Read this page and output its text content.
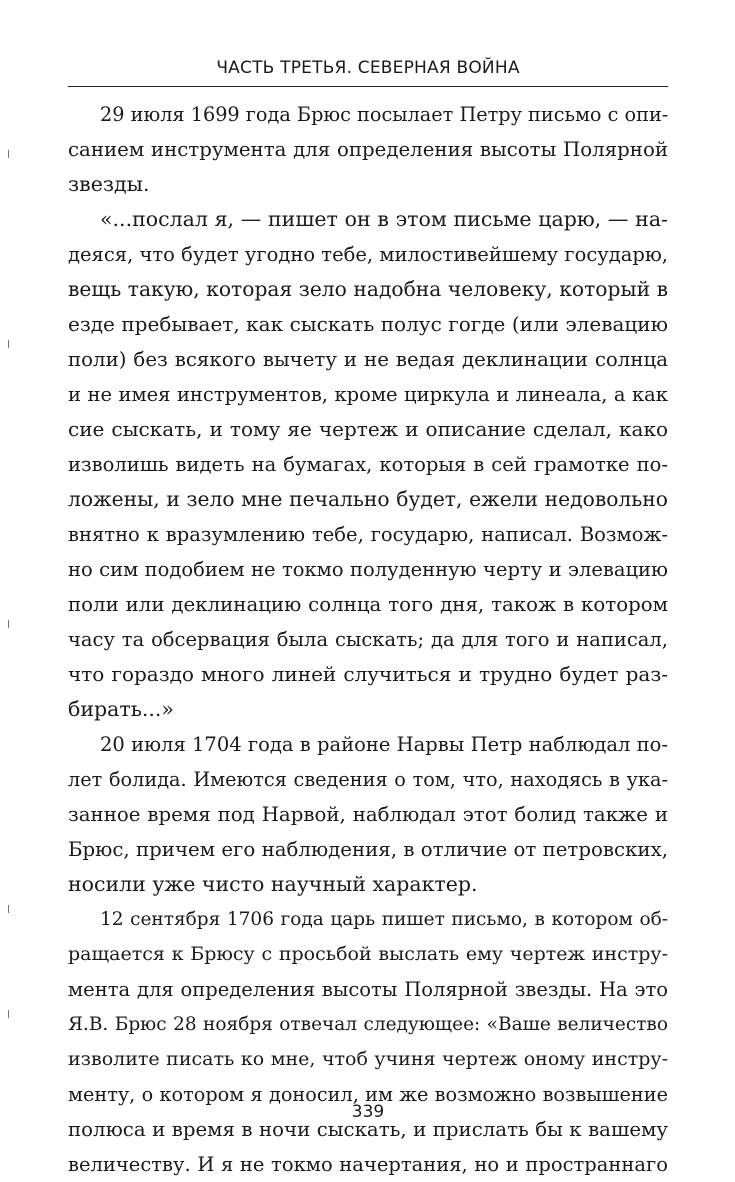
ЧАСТЬ ТРЕТЬЯ. СЕВЕРНАЯ ВОЙНА
29 июля 1699 года Брюс посылает Петру письмо с опи-
санием инструмента для определения высоты Полярной
звезды.
«...послал я, — пишет он в этом письме царю, — на-
деяся, что будет угодно тебе, милостивейшему государю,
вещь такую, которая зело надобна человеку, который в
езде пребывает, как сыскать полус гогде (или элевацию
поли) без всякого вычету и не ведая деклинации солнца
и не имея инструментов, кроме циркула и линеала, а как
сие сыскать, и тому яе чертеж и описание сделал, како
изволишь видеть на бумагах, которыя в сей грамотке по-
ложены, и зело мне печально будет, ежели недовольно
внятно к вразумлению тебе, государю, написал. Возмож-
но сим подобием не токмо полуденную черту и элевацию
поли или деклинацию солнца того дня, також в котором
часу та обсервация была сыскать; да для того и написал,
что гораздо много линей случиться и трудно будет раз-
бирать...»
20 июля 1704 года в районе Нарвы Петр наблюдал по-
лет болида. Имеются сведения о том, что, находясь в ука-
занное время под Нарвой, наблюдал этот болид также и
Брюс, причем его наблюдения, в отличие от петровских,
носили уже чисто научный характер.
12 сентября 1706 года царь пишет письмо, в котором об-
ращается к Брюсу с просьбой выслать ему чертеж инстру-
мента для определения высоты Полярной звезды. На это
Я.В. Брюс 28 ноября отвечал следующее: «Ваше величество
изволите писать ко мне, чтоб учиня чертеж оному инстру-
менту, о котором я доносил, им же возможно возвышение
полюса и время в ночи сыскать, и прислать бы к вашему
величеству. И я не токмо начертания, но и пространнаго
339
